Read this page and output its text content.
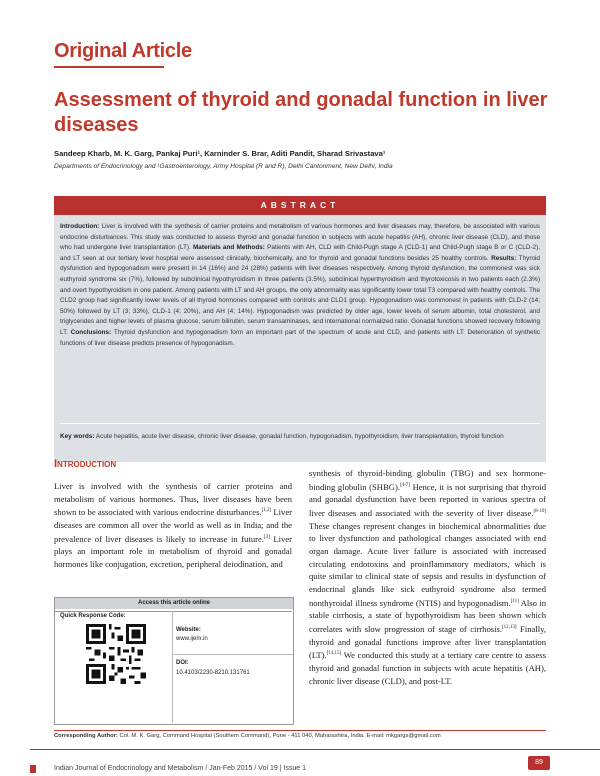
Original Article
Assessment of thyroid and gonadal function in liver diseases
Sandeep Kharb, M. K. Garg, Pankaj Puri¹, Karninder S. Brar, Aditi Pandit, Sharad Srivastava¹
Departments of Endocrinology and ¹Gastroenterology, Army Hospital (R and R), Delhi Cantonment, New Delhi, India
ABSTRACT

Introduction: Liver is involved with the synthesis of carrier proteins and metabolism of various hormones and liver diseases may, therefore, be associated with various endocrine disturbances. This study was conducted to assess thyroid and gonadal function in subjects with acute hepatitis (AH), chronic liver disease (CLD), and those who had undergone liver transplantation (LT). Materials and Methods: Patients with AH, CLD with Child-Pugh stage A (CLD-1) and Child-Pugh stage B or C (CLD-2), and LT seen at our tertiary level hospital were assessed clinically, biochemically, and for thyroid and gonadal functions besides 25 healthy controls. Results: Thyroid dysfunction and hypogonadism were present in 14 (16%) and 24 (28%) patients with liver diseases respectively. Among thyroid dysfunction, the commonest was sick euthyroid syndrome six (7%), followed by subclinical hypothyroidism in three patients (3.5%), subclinical hyperthyroidism and thyrotoxicosis in two patients each (2.3%) and overt hypothyroidism in one patient. Among patients with LT and AH groups, the only abnormality was significantly lower total T3 compared with healthy controls. The CLD2 group had significantly lower levels of all thyroid hormones compared with controls and CLD1 group. Hypogonadism was commonest in patients with CLD-2 (14; 50%) followed by LT (3; 33%), CLD-1 (4; 20%), and AH (4; 14%). Hypogonadism was predicted by older age, lower levels of serum albumin, total cholesterol, and triglycerides and higher levels of plasma glucose, serum bilirubin, serum transaminases, and international normalized ratio. Gonadal functions showed recovery following LT. Conclusions: Thyroid dysfunction and hypogonadism form an important part of the spectrum of acute and CLD, and patients with LT. Deterioration of synthetic functions of liver disease predicts presence of hypogonadism.

Key words: Acute hepatitis, acute liver disease, chronic liver disease, gonadal function, hypogonadism, hypothyroidism, liver transplantation, thyroid function
Introduction
Liver is involved with the synthesis of carrier proteins and metabolism of various hormones. Thus, liver diseases have been shown to be associated with various endocrine disturbances.[1,2] Liver diseases are common all over the world as well as in India; and the prevalence of liver diseases is likely to increase in future.[3] Liver plays an important role in metabolism of thyroid and gonadal hormones like conjugation, excretion, peripheral deiodination, and
synthesis of thyroid-binding globulin (TBG) and sex hormone-binding globulin (SHBG).[4-7] Hence, it is not surprising that thyroid and gonadal dysfunction have been reported in various spectra of liver diseases and associated with the severity of liver disease.[8-10] These changes represent changes in biochemical abnormalities due to liver dysfunction and pathological changes associated with end organ damage. Acute liver failure is associated with increased circulating endotoxins and proinflammatory mediators, which is quite similar to clinical state of sepsis and results in dysfunction of endocrinal glands like sick euthyroid syndrome also termed nonthyroidal illness syndrome (NTIS) and hypogonadism.[11] Also in stable cirrhosis, a state of hypothyroidism has been shown which correlates with slow progression of stage of cirrhosis.[12,13] Finally, thyroid and gonadal functions improve after liver transplantation (LT).[14,15] We conducted this study at a tertiary care centre to assess thyroid and gonadal function in subjects with acute hepatitis (AH), chronic liver disease (CLD), and post-LT.
Access this article online
Quick Response Code:
Website:
www.ijem.in
DOI:
10.4103/2230-8210.131761
Corresponding Author: Col. M. K. Garg, Command Hospital (Southern Command), Pune - 411 040, Maharashtra, India. E-mail: mkgargs@gmail.com
Indian Journal of Endocrinology and Metabolism / Jan-Feb 2015 / Vol 19 | Issue 1
89
